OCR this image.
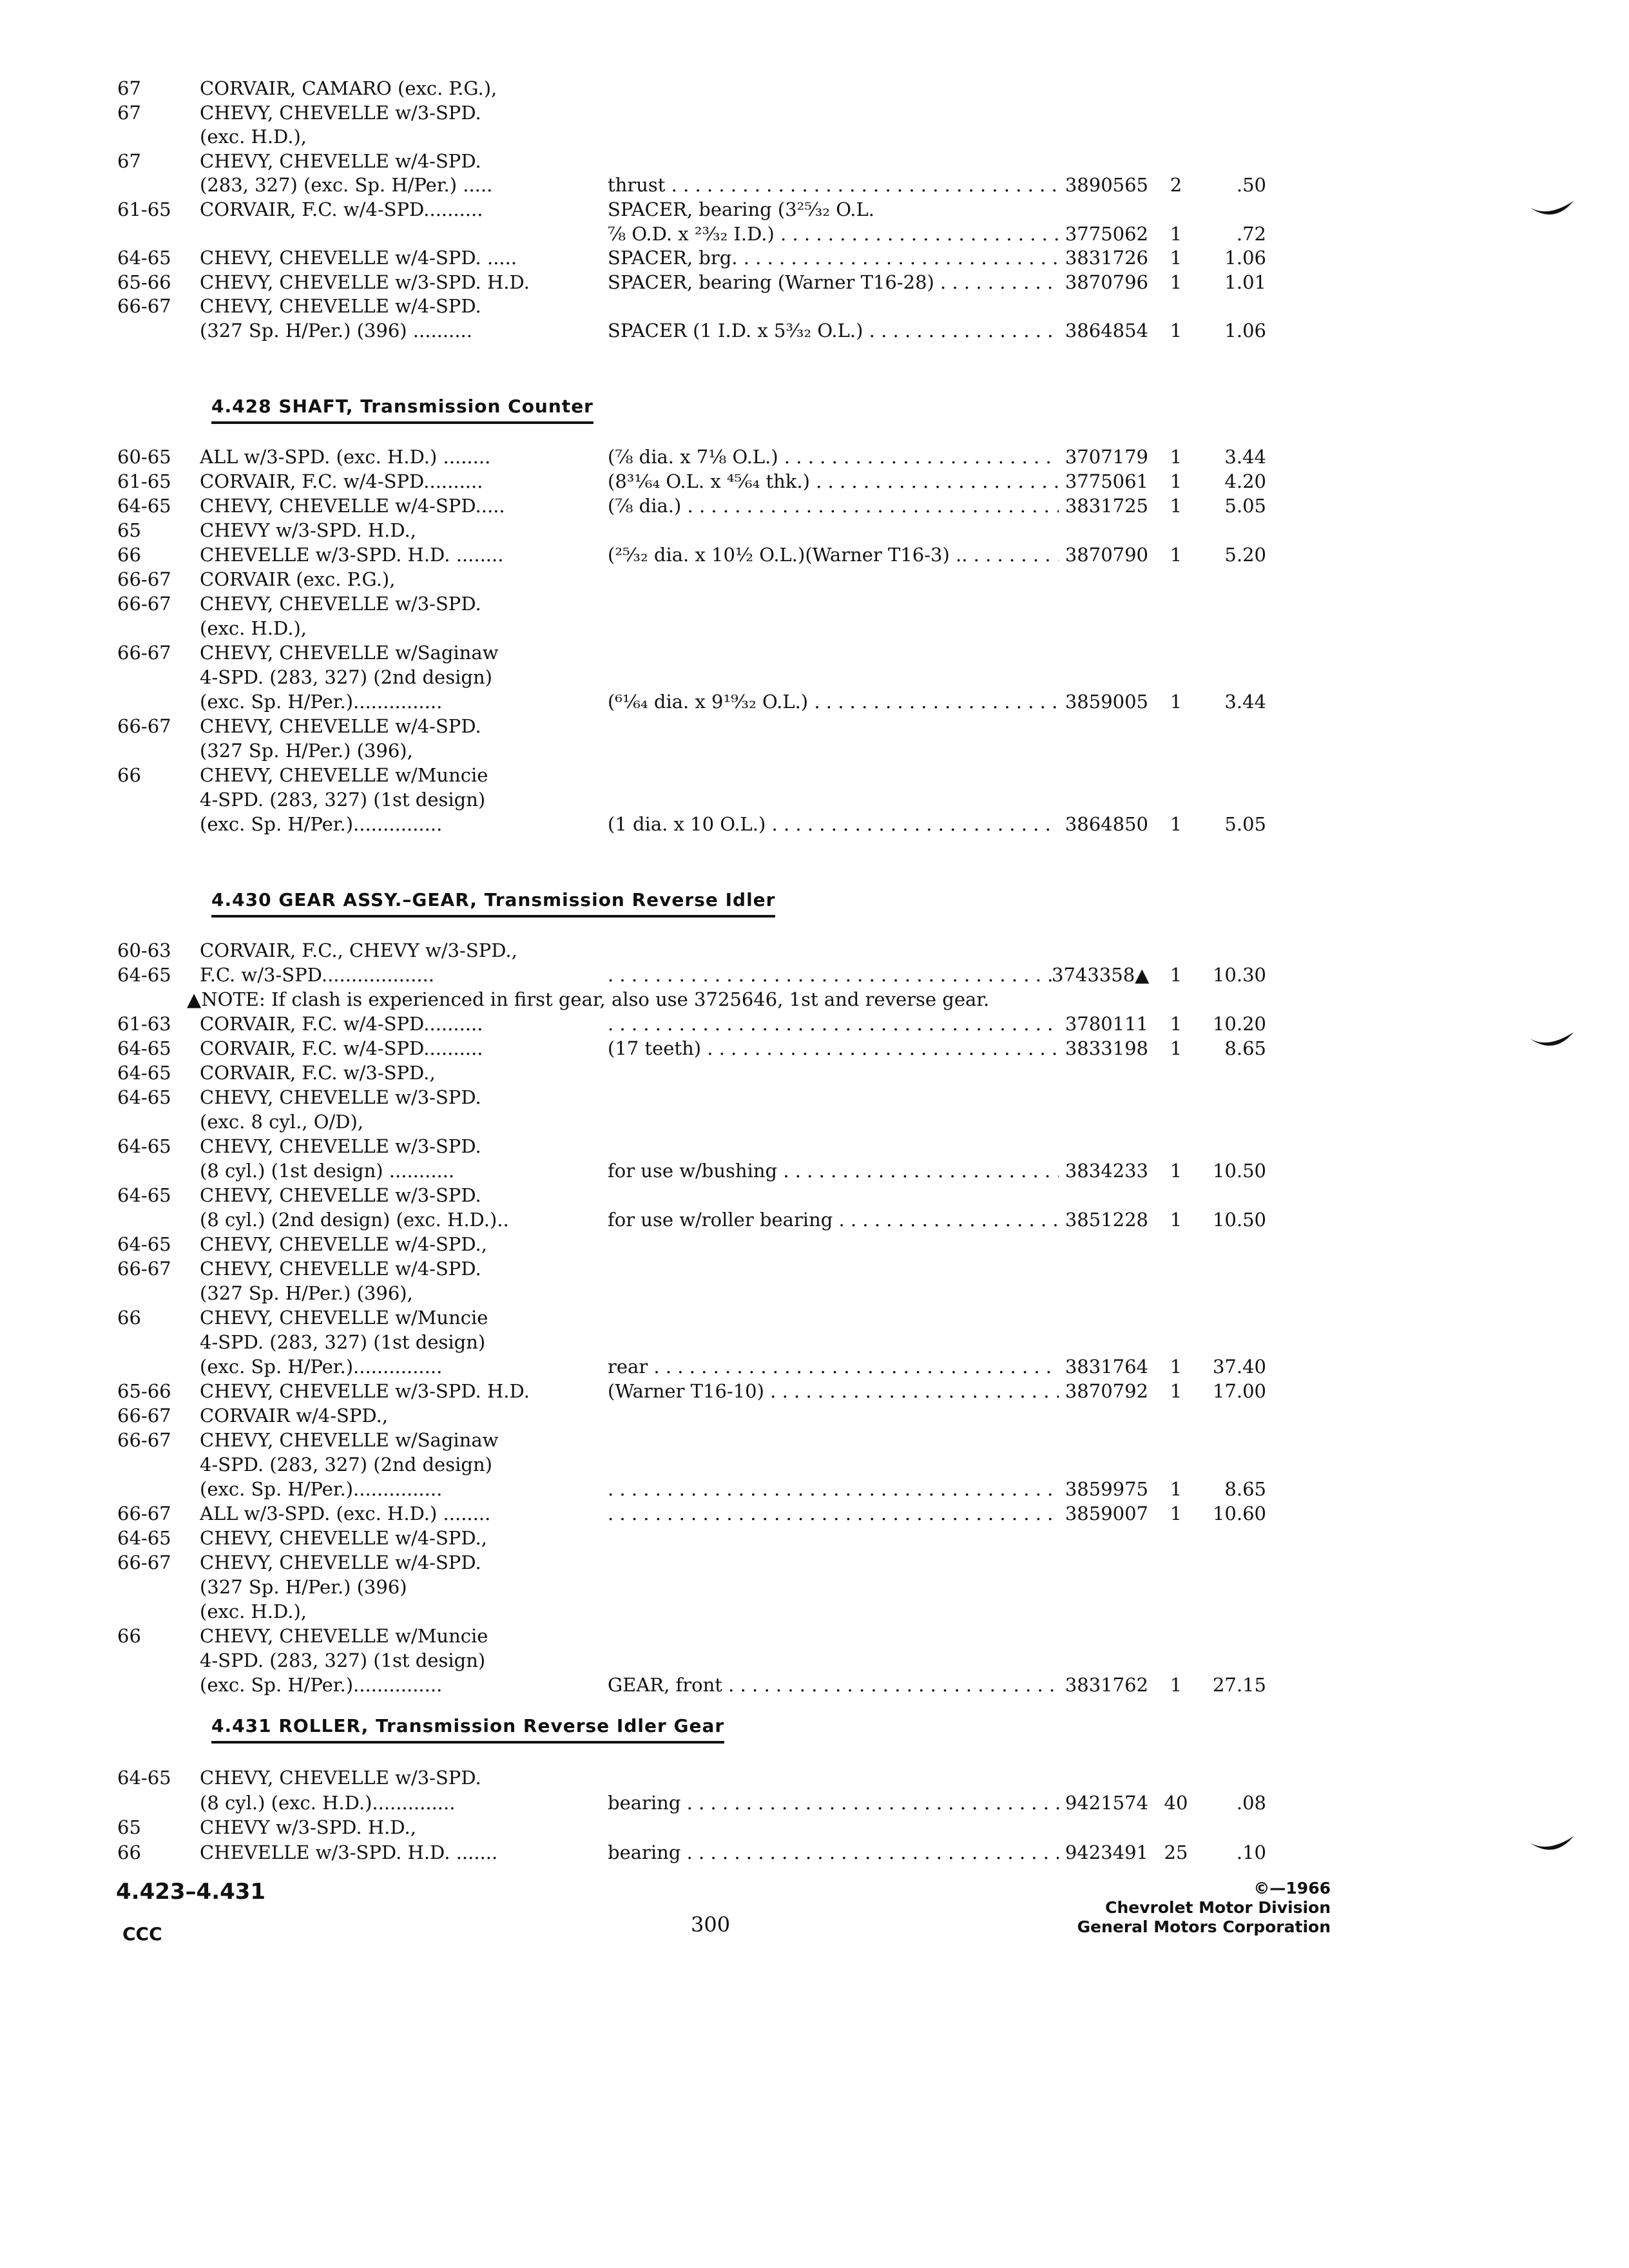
67	CORVAIR, CAMARO (exc. P.G.),
67	CHEVY, CHEVELLE w/3-SPD.
(exc. H.D.),
67	CHEVY, CHEVELLE w/4-SPD.
(283, 327) (exc. Sp. H/Per.) .....	thrust . . .	3890565	2	.50
61-65	CORVAIR, F.C. w/4-SPD..........	SPACER, bearing (3²⁵⁄₃₂ O.L.
⅞ O.D. x ²³⁄₃₂ I.D.) . . .	3775062	1	.72
64-65	CHEVY, CHEVELLE w/4-SPD. .....	SPACER, brg. . . .	3831726	1	1.06
65-66	CHEVY, CHEVELLE w/3-SPD. H.D.	SPACER, bearing (Warner T16-28) . . .	3870796	1	1.01
66-67	CHEVY, CHEVELLE w/4-SPD.
(327 Sp. H/Per.) (396) ..........	SPACER (1 I.D. x 5³⁄₃₂ O.L.) . . .	3864854	1	1.06
4.428 SHAFT, Transmission Counter
60-65	ALL w/3-SPD. (exc. H.D.) ........	(⅞ dia. x 7⅛ O.L.) . . .	3707179	1	3.44
61-65	CORVAIR, F.C. w/4-SPD..........	(8³¹⁄₆₄ O.L. x ⁴⁵⁄₆₄ thk.) . . .	3775061	1	4.20
64-65	CHEVY, CHEVELLE w/4-SPD.....	(⅞ dia.) . . .	3831725	1	5.05
65	CHEVY w/3-SPD. H.D.,
66	CHEVELLE w/3-SPD. H.D. ........	(²⁵⁄₃₂ dia. x 10½ O.L.)(Warner T16-3) .. . . .	3870790	1	5.20
66-67	CORVAIR (exc. P.G.),
66-67	CHEVY, CHEVELLE w/3-SPD.
(exc. H.D.),
66-67	CHEVY, CHEVELLE w/Saginaw
4-SPD. (283, 327) (2nd design)
(exc. Sp. H/Per.)...............	(⁶¹⁄₆₄ dia. x 9¹⁹⁄₃₂ O.L.) . . .	3859005	1	3.44
66-67	CHEVY, CHEVELLE w/4-SPD.
(327 Sp. H/Per.) (396),
66	CHEVY, CHEVELLE w/Muncie
4-SPD. (283, 327) (1st design)
(exc. Sp. H/Per.)...............	(1 dia. x 10 O.L.) . . .	3864850	1	5.05
4.430 GEAR ASSY.–GEAR, Transmission Reverse Idler
60-63	CORVAIR, F.C., CHEVY w/3-SPD.,
64-65	F.C. w/3-SPD................... . . .	3743358▲	1	10.30
▲NOTE: If clash is experienced in first gear, also use 3725646, 1st and reverse gear.
61-63	CORVAIR, F.C. w/4-SPD.......... . . .	3780111	1	10.20
64-65	CORVAIR, F.C. w/4-SPD..........	(17 teeth) . . .	3833198	1	8.65
64-65	CORVAIR, F.C. w/3-SPD.,
64-65	CHEVY, CHEVELLE w/3-SPD.
(exc. 8 cyl., O/D),
64-65	CHEVY, CHEVELLE w/3-SPD.
(8 cyl.) (1st design) ...........	for use w/bushing . . .	3834233	1	10.50
64-65	CHEVY, CHEVELLE w/3-SPD.
(8 cyl.) (2nd design) (exc. H.D.)..	for use w/roller bearing . . .	3851228	1	10.50
64-65	CHEVY, CHEVELLE w/4-SPD.,
66-67	CHEVY, CHEVELLE w/4-SPD.
(327 Sp. H/Per.) (396),
66	CHEVY, CHEVELLE w/Muncie
4-SPD. (283, 327) (1st design)
(exc. Sp. H/Per.)...............	rear . . .	3831764	1	37.40
65-66	CHEVY, CHEVELLE w/3-SPD. H.D.	(Warner T16-10) . . .	3870792	1	17.00
66-67	CORVAIR w/4-SPD.,
66-67	CHEVY, CHEVELLE w/Saginaw
4-SPD. (283, 327) (2nd design)
(exc. Sp. H/Per.)............... . . .	3859975	1	8.65
66-67	ALL w/3-SPD. (exc. H.D.) ........ . . .	3859007	1	10.60
64-65	CHEVY, CHEVELLE w/4-SPD.,
66-67	CHEVY, CHEVELLE w/4-SPD.
(327 Sp. H/Per.) (396)
(exc. H.D.),
66	CHEVY, CHEVELLE w/Muncie
4-SPD. (283, 327) (1st design)
(exc. Sp. H/Per.)...............	GEAR, front . . .	3831762	1	27.15
4.431 ROLLER, Transmission Reverse Idler Gear
64-65	CHEVY, CHEVELLE w/3-SPD.
(8 cyl.) (exc. H.D.)..............	bearing . . .	9421574 40	.08
65	CHEVY w/3-SPD. H.D.,
66	CHEVELLE w/3-SPD. H.D. .......	bearing . . .	9423491 25	.10
4.423–4.431
CCC	300
©—1966
Chevrolet Motor Division
General Motors Corporation
